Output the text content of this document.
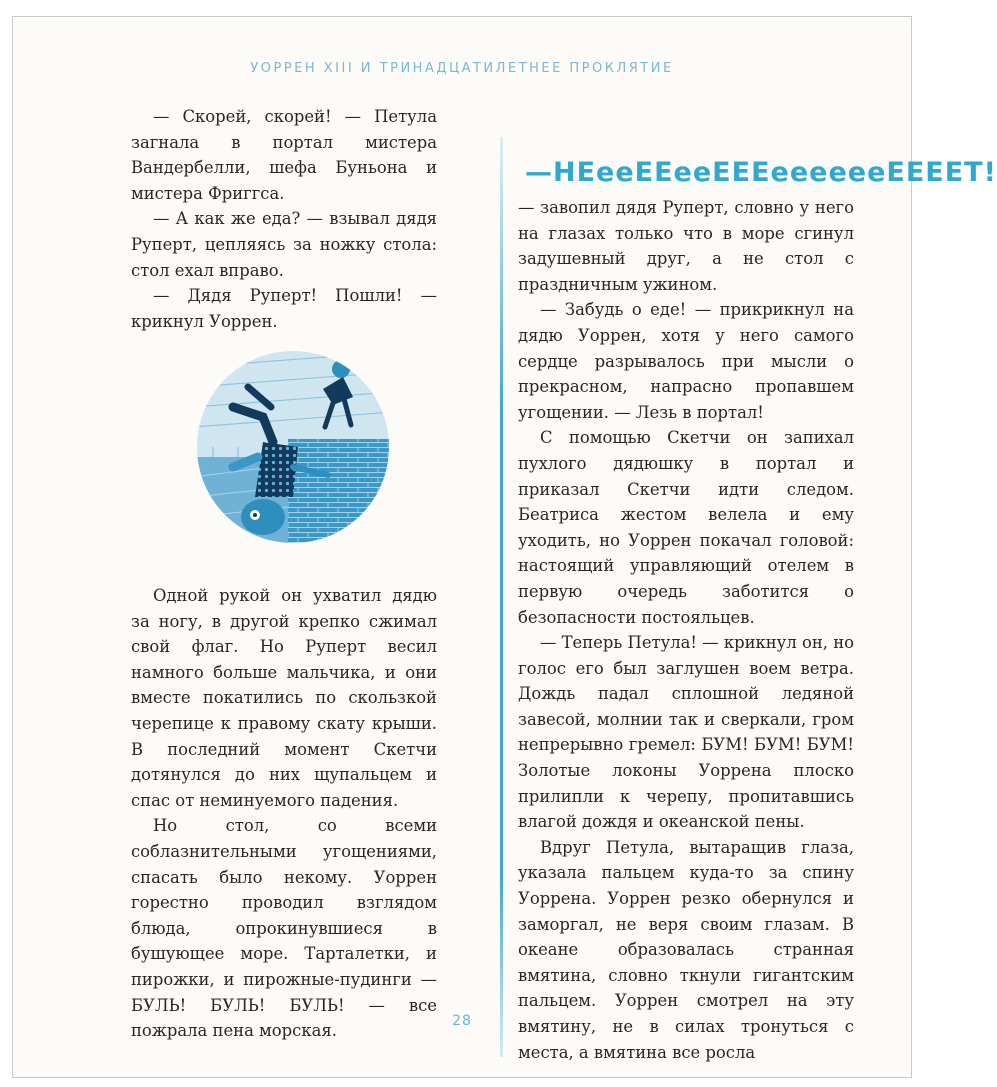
УОРРЕН XIII И ТРИНАДЦАТИЛЕТНЕЕ ПРОКЛЯТИЕ

— Скорей, скорей! — Петула загнала в портал мистера Вандербелли, шефа Буньона и мистера Фриггса.

— А как же еда? — взывал дядя Руперт, цепляясь за ножку стола: стол ехал вправо.

— Дядя Руперт! Пошли! — крикнул Уоррен.

Одной рукой он ухватил дядю за ногу, в другой крепко сжимал свой флаг. Но Руперт весил намного больше мальчика, и они вместе покатились по скользкой черепице к правому скату крыши. В последний момент Скетчи дотянулся до них щупальцем и спас от неминуемого падения.

Но стол, со всеми соблазнительными угощениями, спасать было некому. Уоррен горестно проводил взглядом блюда, опрокинувшиеся в бушующее море. Тарталетки, и пирожки, и пирожные-пудинги — БУЛЬ! БУЛЬ! БУЛЬ! — все пожрала пена морская.

—НЕееЕЕееЕЕЕееееееЕЕЕЕТ!

— завопил дядя Руперт, словно у него на глазах только что в море сгинул задушевный друг, а не стол с праздничным ужином.

— Забудь о еде! — прикрикнул на дядю Уоррен, хотя у него самого сердце разрывалось при мысли о прекрасном, напрасно пропавшем угощении. — Лезь в портал!

С помощью Скетчи он запихал пухлого дядюшку в портал и приказал Скетчи идти следом. Беатриса жестом велела и ему уходить, но Уоррен покачал головой: настоящий управляющий отелем в первую очередь заботится о безопасности постояльцев.

— Теперь Петула! — крикнул он, но голос его был заглушен воем ветра. Дождь падал сплошной ледяной завесой, молнии так и сверкали, гром непрерывно гремел: БУМ! БУМ! БУМ! Золотые локоны Уоррена плоско прилипли к черепу, пропитавшись влагой дождя и океанской пены.

Вдруг Петула, вытаращив глаза, указала пальцем куда-то за спину Уоррена. Уоррен резко обернулся и заморгал, не веря своим глазам. В океане образовалась странная вмятина, словно ткнули гигантским пальцем. Уоррен смотрел на эту вмятину, не в силах тронуться с места, а вмятина все росла

28
